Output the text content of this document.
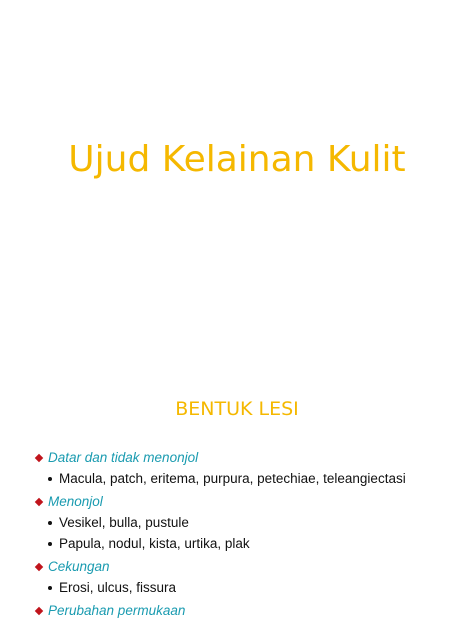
Ujud Kelainan Kulit
BENTUK LESI
Datar dan tidak menonjol
Macula, patch, eritema, purpura, petechiae, teleangiectasi
Menonjol
Vesikel, bulla, pustule
Papula, nodul, kista, urtika, plak
Cekungan
Erosi, ulcus, fissura
Perubahan permukaan
